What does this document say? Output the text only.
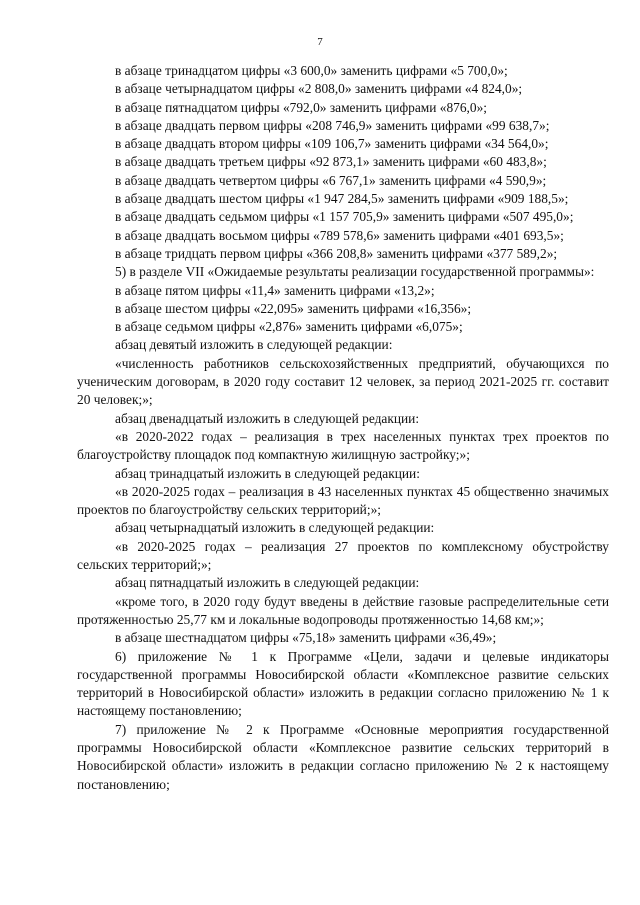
7

в абзаце тринадцатом цифры «3 600,0» заменить цифрами «5 700,0»;

в абзаце четырнадцатом цифры «2 808,0» заменить цифрами «4 824,0»;

в абзаце пятнадцатом цифры «792,0» заменить цифрами «876,0»;

в абзаце двадцать первом цифры «208 746,9» заменить цифрами «99 638,7»;

в абзаце двадцать втором цифры «109 106,7» заменить цифрами «34 564,0»;

в абзаце двадцать третьем цифры «92 873,1» заменить цифрами «60 483,8»;

в абзаце двадцать четвертом цифры «6 767,1» заменить цифрами «4 590,9»;

в абзаце двадцать шестом цифры «1 947 284,5» заменить цифрами «909 188,5»;

в абзаце двадцать седьмом цифры «1 157 705,9» заменить цифрами «507 495,0»;

в абзаце двадцать восьмом цифры «789 578,6» заменить цифрами «401 693,5»;

в абзаце тридцать первом цифры «366 208,8» заменить цифрами «377 589,2»;

5) в разделе VII «Ожидаемые результаты реализации государственной программы»:

в абзаце пятом цифры «11,4» заменить цифрами «13,2»;

в абзаце шестом цифры «22,095» заменить цифрами «16,356»;

в абзаце седьмом цифры «2,876» заменить цифрами «6,075»;

абзац девятый изложить в следующей редакции:

«численность работников сельскохозяйственных предприятий, обучающихся по ученическим договорам, в 2020 году составит 12 человек, за период 2021-2025 гг. составит 20 человек;»;

абзац двенадцатый изложить в следующей редакции:

«в 2020-2022 годах – реализация в трех населенных пунктах трех проектов по благоустройству площадок под компактную жилищную застройку;»;

абзац тринадцатый изложить в следующей редакции:

«в 2020-2025 годах – реализация в 43 населенных пунктах 45 общественно значимых проектов по благоустройству сельских территорий;»;

абзац четырнадцатый изложить в следующей редакции:

«в 2020-2025 годах – реализация 27 проектов по комплексному обустройству сельских территорий;»;

абзац пятнадцатый изложить в следующей редакции:

«кроме того, в 2020 году будут введены в действие газовые распределительные сети протяженностью 25,77 км и локальные водопроводы протяженностью 14,68 км;»;

в абзаце шестнадцатом цифры «75,18» заменить цифрами «36,49»;

6) приложение № 1 к Программе «Цели, задачи и целевые индикаторы государственной программы Новосибирской области «Комплексное развитие сельских территорий в Новосибирской области» изложить в редакции согласно приложению № 1 к настоящему постановлению;

7) приложение № 2 к Программе «Основные мероприятия государственной программы Новосибирской области «Комплексное развитие сельских территорий в Новосибирской области» изложить в редакции согласно приложению № 2 к настоящему постановлению;
